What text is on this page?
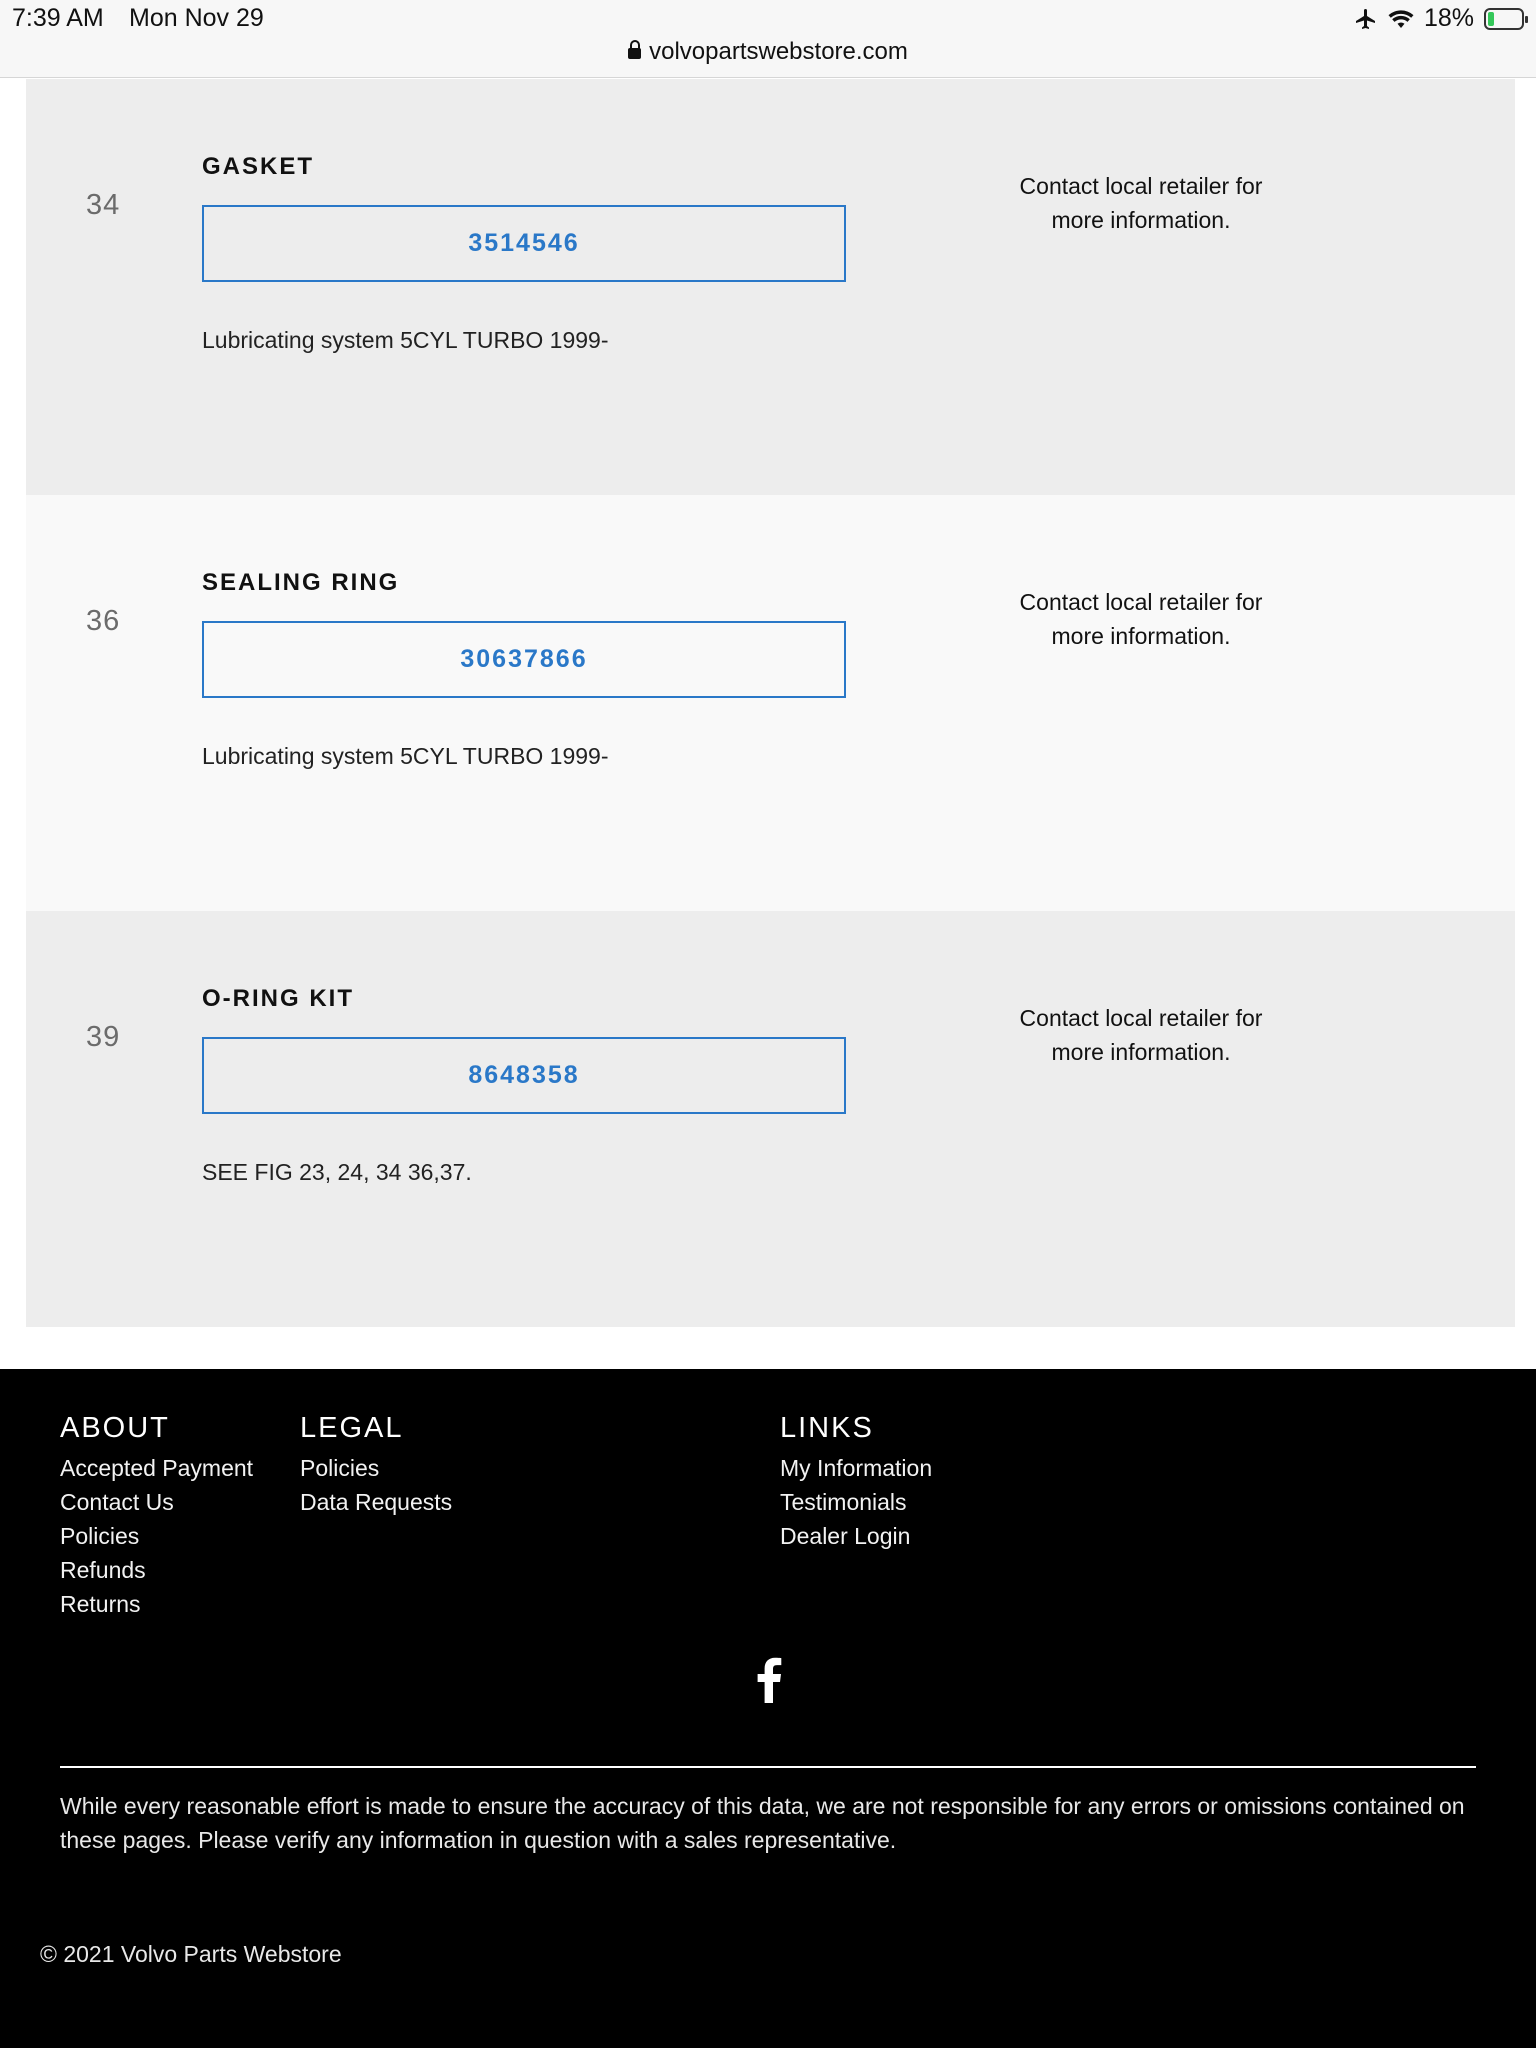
7:39 AM Mon Nov 29	18%
volvopartswebstore.com
34
GASKET
3514546
Lubricating system 5CYL TURBO 1999-
Contact local retailer for
more information.
36
SEALING RING
30637866
Lubricating system 5CYL TURBO 1999-
Contact local retailer for
more information.
39
O-RING KIT
8648358
SEE FIG 23, 24, 34 36,37.
Contact local retailer for
more information.
ABOUT
Accepted Payment
Contact Us
Policies
Refunds
Returns
LEGAL
Policies
Data Requests
LINKS
My Information
Testimonials
Dealer Login
While every reasonable effort is made to ensure the accuracy of this data, we are not responsible for any errors or omissions contained on these pages. Please verify any information in question with a sales representative.
© 2021 Volvo Parts Webstore
